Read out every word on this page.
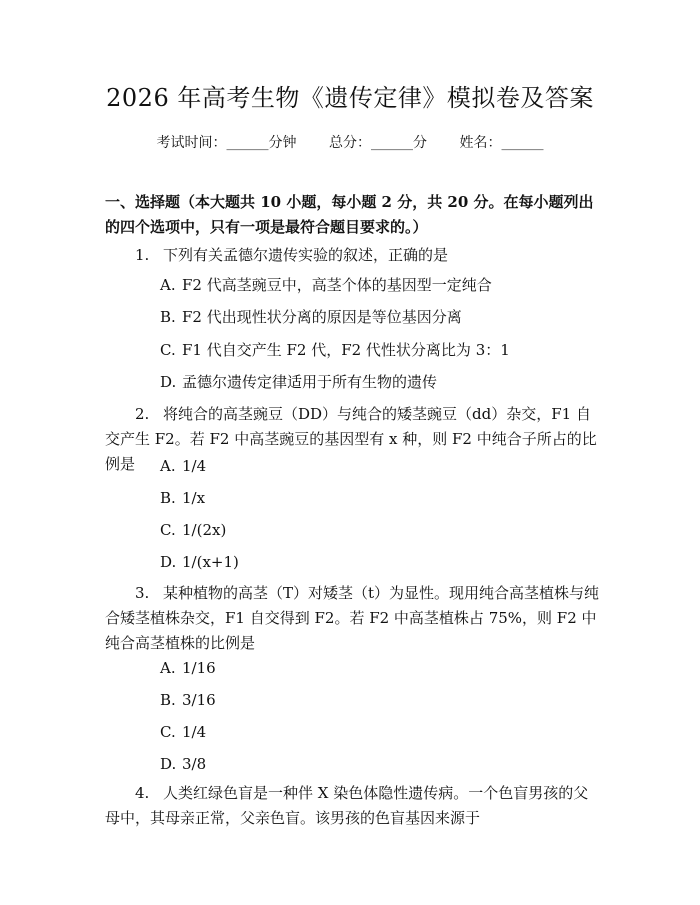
2026 年高考生物《遗传定律》模拟卷及答案
考试时间：______分钟 总分：______分 姓名：______
一、选择题（本大题共 10 小题，每小题 2 分，共 20 分。在每小题列出的四个选项中，只有一项是最符合题目要求的。）
1. 下列有关孟德尔遗传实验的叙述，正确的是
A. F2 代高茎豌豆中，高茎个体的基因型一定纯合
B. F2 代出现性状分离的原因是等位基因分离
C. F1 代自交产生 F2 代，F2 代性状分离比为 3：1
D. 孟德尔遗传定律适用于所有生物的遗传
2. 将纯合的高茎豌豆（DD）与纯合的矮茎豌豆（dd）杂交，F1 自交产生 F2。若 F2 中高茎豌豆的基因型有 x 种，则 F2 中纯合子所占的比例是	A. 1/4
B. 1/x
C. 1/(2x)
D. 1/(x+1)
3. 某种植物的高茎（T）对矮茎（t）为显性。现用纯合高茎植株与纯合矮茎植株杂交，F1 自交得到 F2。若 F2 中高茎植株占 75%，则 F2 中纯合高茎植株的比例是
A. 1/16
B. 3/16
C. 1/4
D. 3/8
4. 人类红绿色盲是一种伴 X 染色体隐性遗传病。一个色盲男孩的父母中，其母亲正常，父亲色盲。该男孩的色盲基因来源于
